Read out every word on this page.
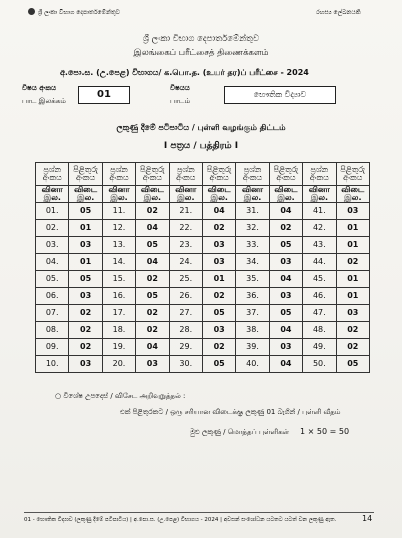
ශ්‍රී ලංකා විභාග දෙපාර්තමේන්තුව	රහස්‍ය ලේඛනයකි
ශ්‍රී ලංකා විභාග දෙපාර්තමේන්තුව
இலங்கைப் பரீட்சைத் திணைக்களம்
අ.පො.ස. (උ.පෙළ) විභාගය/ க.பொ.த. (உயர் தர)ப் பரீட்சை - 2024
විෂය අංකය
பாட இலக்கம்
01
විෂයය
பாடம்
භෞතික විද්‍යාව
ලකුණු දීමේ පටිපාටිය / புள்ளி வழங்கும் திட்டம்
I පත්‍රය / பத்திரம் I
ප්‍රශ්න අංකය	පිළිතුරු අංකය	ප්‍රශ්න අංකය	පිළිතුරු අංකය	ප්‍රශ්න අංකය	පිළිතුරු අංකය	ප්‍රශ්න අංකය	පිළිතුරු අංකය	ප්‍රශ්න අංකය	පිළිතුරු අංකය
வினா இல.	விடை இல.	வினா இல.	விடை இல.	வினா இல.	விடை இல.	வினா இல.	விடை இல.	வினா இல.	விடை இல.
01.	05	11.	02	21.	04	31.	04	41.	03
02.	01	12.	04	22.	02	32.	02	42.	01
03.	03	13.	05	23.	03	33.	05	43.	01
04.	01	14.	04	24.	03	34.	03	44.	02
05.	05	15.	02	25.	01	35.	04	45.	01
06.	03	16.	05	26.	02	36.	03	46.	01
07.	02	17.	02	27.	05	37.	05	47.	03
08.	02	18.	02	28.	03	38.	04	48.	02
09.	02	19.	04	29.	02	39.	03	49.	02
10.	03	20.	03	30.	05	40.	04	50.	05
○ විශේෂ උපදෙස් / விசேட அறிவுறுத்தல் :
එක් පිළිතුරකට / ஒரு சரியான விடைக்கு ලකුණු 01 බැගින් / புள்ளி வீதம்
මුළු ලකුණු / மொத்தப் புள்ளிகள் 1 × 50 = 50
01 - භෞතික විද්‍යාව (ලකුණු දීමේ පටිපාටිය) | අ.පො.ස. (උ.පෙළ) විභාගය - 2024 | අවසන් සංශෝධන යටතට යටත් වන ලකුණු ඇත.	14
